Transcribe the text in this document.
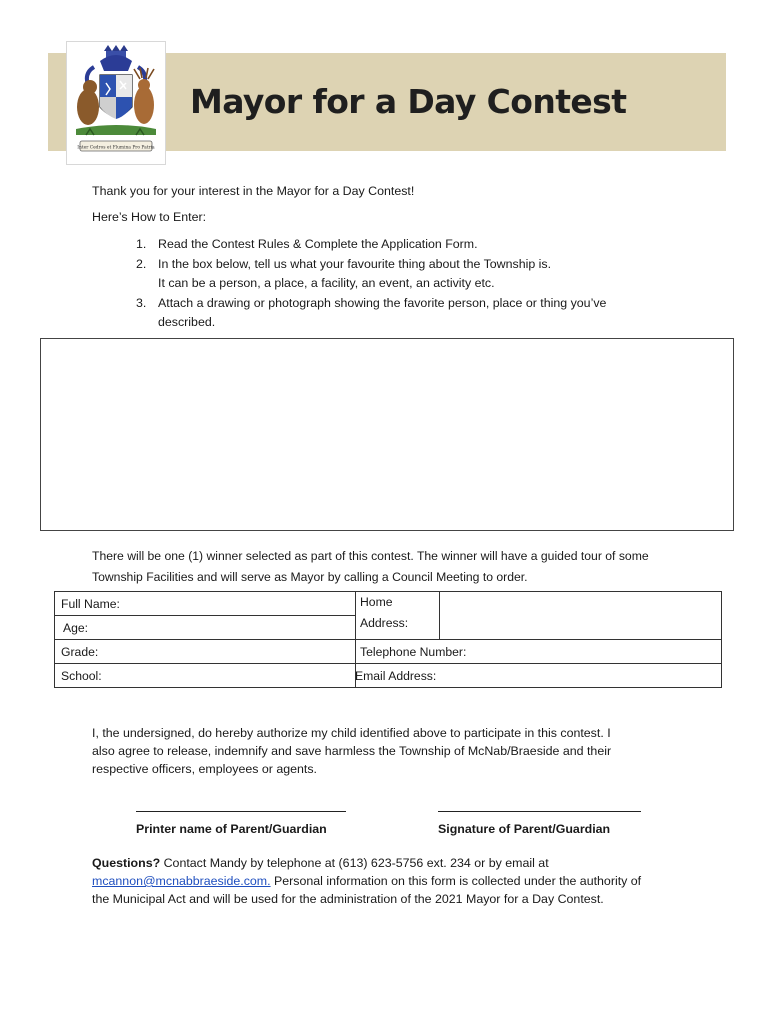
Inter Cedros et Flumina Pro Patria
Mayor for a Day Contest

Thank you for your interest in the Mayor for a Day Contest!

Here’s How to Enter:

1. Read the Contest Rules & Complete the Application Form.
2. In the box below, tell us what your favourite thing about the Township is.
It can be a person, a place, a facility, an event, an activity etc.
3. Attach a drawing or photograph showing the favorite person, place or thing you’ve
described.

There will be one (1) winner selected as part of this contest. The winner will have a guided tour of some

Township Facilities and will serve as Mayor by calling a Council Meeting to order.

Full Name:
Age:
Grade:
School:
Home
Address:
Telephone Number:
Email Address:

I, the undersigned, do hereby authorize my child identified above to participate in this contest. I

also agree to release, indemnify and save harmless the Township of McNab/Braeside and their

respective officers, employees or agents.

Printer name of Parent/Guardian	Signature of Parent/Guardian

Questions? Contact Mandy by telephone at (613) 623-5756 ext. 234 or by email at

mcannon@mcnabbraeside.com. Personal information on this form is collected under the authority of

the Municipal Act and will be used for the administration of the 2021 Mayor for a Day Contest.
